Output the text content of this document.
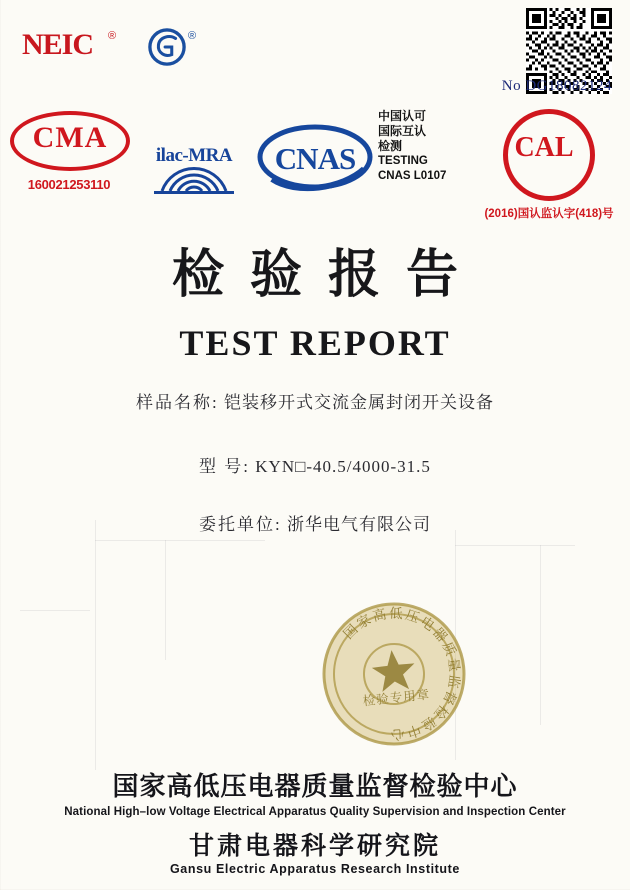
NEIC ®	®
No DG18082124
CMA
160021253110
ilac-MRA	CNAS
中国认可
国际互认
检测
TESTING
CNAS L0107
CAL
(2016)国认监认字(418)号
检验报告
TEST REPORT
样品名称: 铠装移开式交流金属封闭开关设备
型 号: KYN□-40.5/4000-31.5
委托单位: 浙华电气有限公司
国家高低压电器质量监督检验中心
检验专用章
国家高低压电器质量监督检验中心
National High–low Voltage Electrical Apparatus Quality Supervision and Inspection Center
甘肃电器科学研究院
Gansu Electric Apparatus Research Institute
